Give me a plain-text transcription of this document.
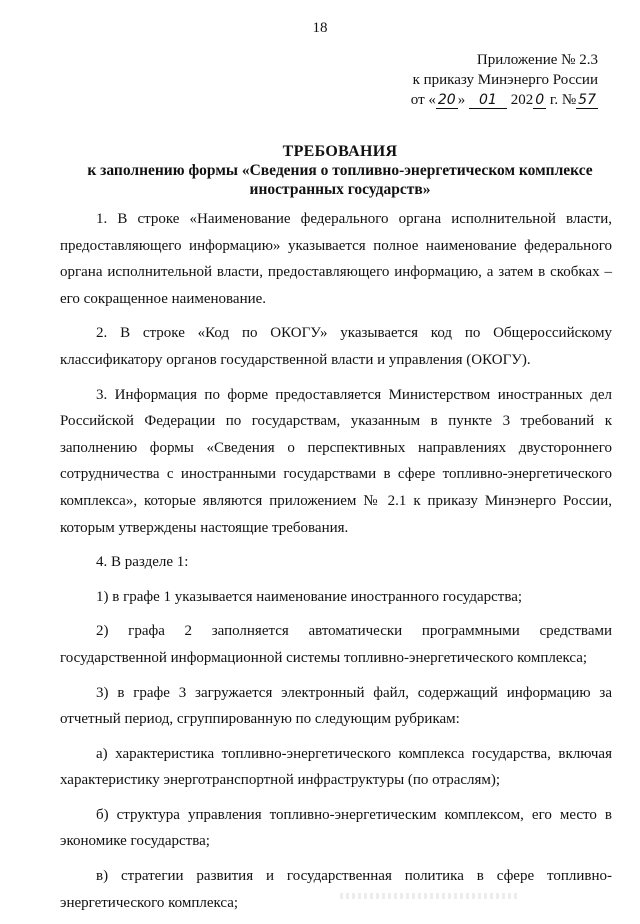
18
Приложение № 2.3
к приказу Минэнерго России
от « 20 » 01 202 0 г. № 57
ТРЕБОВАНИЯ
к заполнению формы «Сведения о топливно-энергетическом комплексе
иностранных государств»

1. В строке «Наименование федерального органа исполнительной власти, предоставляющего информацию» указывается полное наименование федерального органа исполнительной власти, предоставляющего информацию, а затем в скобках – его сокращенное наименование.

2. В строке «Код по ОКОГУ» указывается код по Общероссийскому классификатору органов государственной власти и управления (ОКОГУ).

3. Информация по форме предоставляется Министерством иностранных дел Российской Федерации по государствам, указанным в пункте 3 требований к заполнению формы «Сведения о перспективных направлениях двустороннего сотрудничества с иностранными государствами в сфере топливно-энергетического комплекса», которые являются приложением № 2.1 к приказу Минэнерго России, которым утверждены настоящие требования.

4. В разделе 1:

1) в графе 1 указывается наименование иностранного государства;

2) графа 2 заполняется автоматически программными средствами государственной информационной системы топливно-энергетического комплекса;

3) в графе 3 загружается электронный файл, содержащий информацию за отчетный период, сгруппированную по следующим рубрикам:

а) характеристика топливно-энергетического комплекса государства, включая характеристику энерготранспортной инфраструктуры (по отраслям);

б) структура управления топливно-энергетическим комплексом, его место в экономике государства;

в) стратегии развития и государственная политика в сфере топливно-энергетического комплекса;
